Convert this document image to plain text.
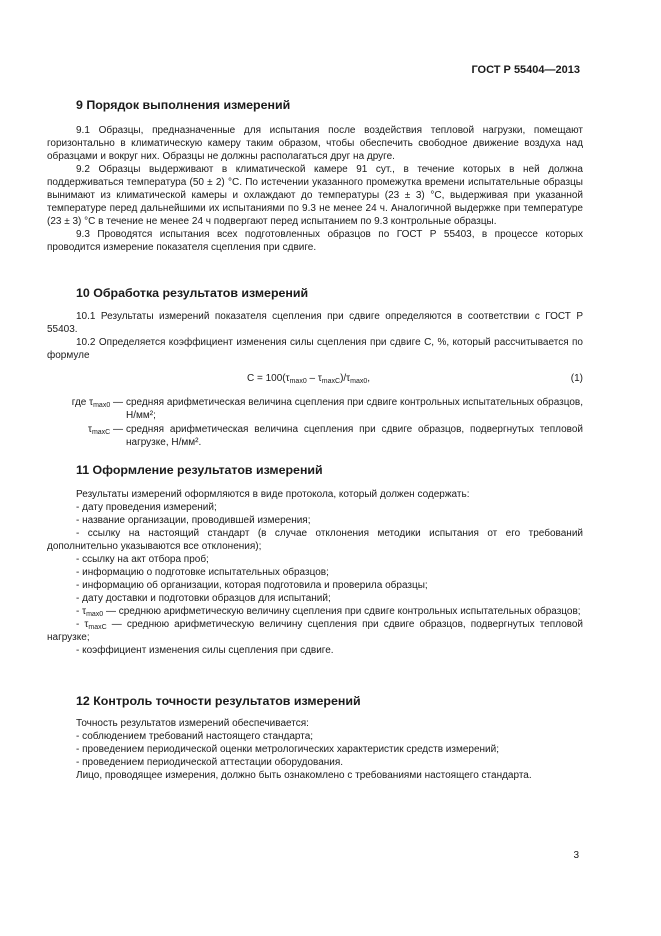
ГОСТ Р 55404—2013
9 Порядок выполнения измерений

9.1 Образцы, предназначенные для испытания после воздействия тепловой нагрузки, помещают горизонтально в климатическую камеру таким образом, чтобы обеспечить свободное движение воздуха над образцами и вокруг них. Образцы не должны располагаться друг на друге.

9.2 Образцы выдерживают в климатической камере 91 сут., в течение которых в ней должна поддерживаться температура (50 ± 2) °С. По истечении указанного промежутка времени испытательные образцы вынимают из климатической камеры и охлаждают до температуры (23 ± 3) °С, выдерживая при указанной температуре перед дальнейшими их испытаниями по 9.3 не менее 24 ч. Аналогичной выдержке при температуре (23 ± 3) °С в течение не менее 24 ч подвергают перед испытанием по 9.3 контрольные образцы.

9.3 Проводятся испытания всех подготовленных образцов по ГОСТ Р 55403, в процессе которых проводится измерение показателя сцепления при сдвиге.

10 Обработка результатов измерений

10.1 Результаты измерений показателя сцепления при сдвиге определяются в соответствии с ГОСТ Р 55403.

10.2 Определяется коэффициент изменения силы сцепления при сдвиге С, %, который рассчитывается по формуле

$C = 100(\tau_{max0} - \tau_{maxC})/\tau_{max0}$,	(1)
где $\tau_{max0}$ — средняя арифметическая величина сцепления при сдвиге контрольных испытательных образцов, Н/мм²;
$\tau_{maxC}$ — средняя арифметическая величина сцепления при сдвиге образцов, подвергнутых тепловой нагрузке, Н/мм².
11 Оформление результатов измерений

Результаты измерений оформляются в виде протокола, который должен содержать:

- дату проведения измерений;

- название организации, проводившей измерения;

- ссылку на настоящий стандарт (в случае отклонения методики испытания от его требований дополнительно указываются все отклонения);

- ссылку на акт отбора проб;

- информацию о подготовке испытательных образцов;

- информацию об организации, которая подготовила и проверила образцы;

- дату доставки и подготовки образцов для испытаний;

- $\tau_{max0}$ — среднюю арифметическую величину сцепления при сдвиге контрольных испытательных образцов;

- $\tau_{maxC}$ — среднюю арифметическую величину сцепления при сдвиге образцов, подвергнутых тепловой нагрузке;

- коэффициент изменения силы сцепления при сдвиге.

12 Контроль точности результатов измерений

Точность результатов измерений обеспечивается:

- соблюдением требований настоящего стандарта;

- проведением периодической оценки метрологических характеристик средств измерений;

- проведением периодической аттестации оборудования.

Лицо, проводящее измерения, должно быть ознакомлено с требованиями настоящего стандарта.

3
